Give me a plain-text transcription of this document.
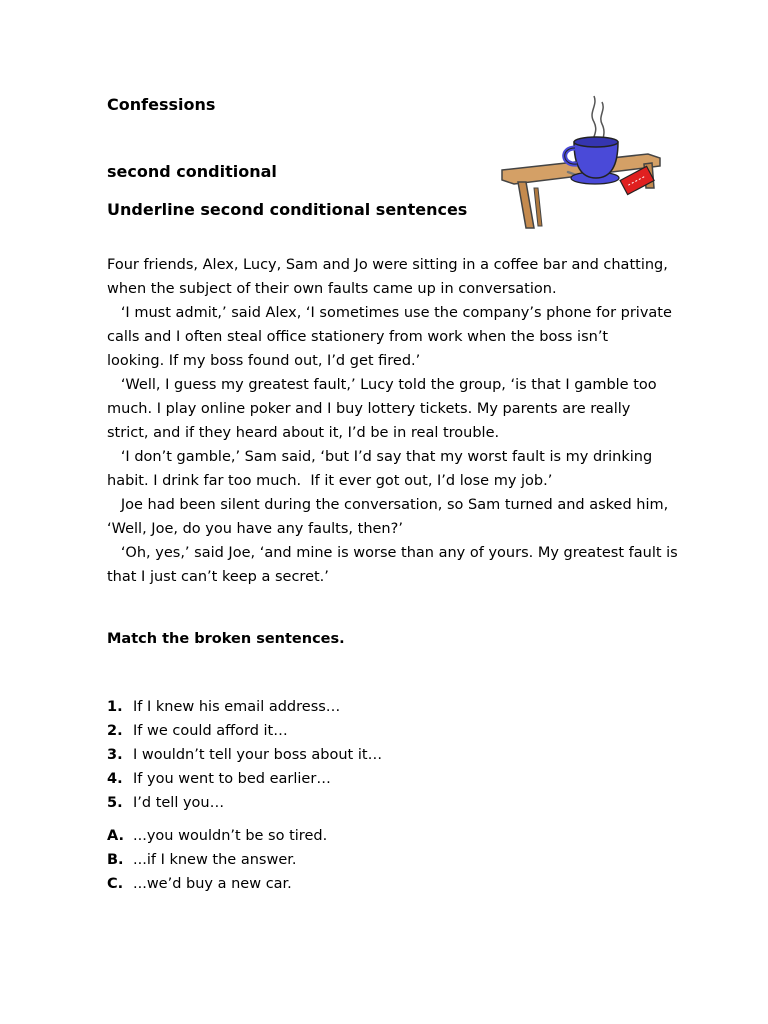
Confessions
second conditional
Underline second conditional sentences
Four friends, Alex, Lucy, Sam and Jo were sitting in a coffee bar and chatting,
when the subject of their own faults came up in conversation.
‘I must admit,’ said Alex, ‘I sometimes use the company’s phone for private
calls and I often steal office stationery from work when the boss isn’t
looking. If my boss found out, I’d get fired.’
‘Well, I guess my greatest fault,’ Lucy told the group, ‘is that I gamble too
much. I play online poker and I buy lottery tickets. My parents are really
strict, and if they heard about it, I’d be in real trouble.
‘I don’t gamble,’ Sam said, ‘but I’d say that my worst fault is my drinking
habit. I drink far too much.  If it ever got out, I’d lose my job.’
Joe had been silent during the conversation, so Sam turned and asked him,
‘Well, Joe, do you have any faults, then?’
‘Oh, yes,’ said Joe, ‘and mine is worse than any of yours. My greatest fault is
that I just can’t keep a secret.’
Match the broken sentences.
1. If I knew his email address…
2. If we could afford it…
3. I wouldn’t tell your boss about it…
4. If you went to bed earlier…
5. I’d tell you…
A. ...you wouldn’t be so tired.
B. ...if I knew the answer.
C. ...we’d buy a new car.
